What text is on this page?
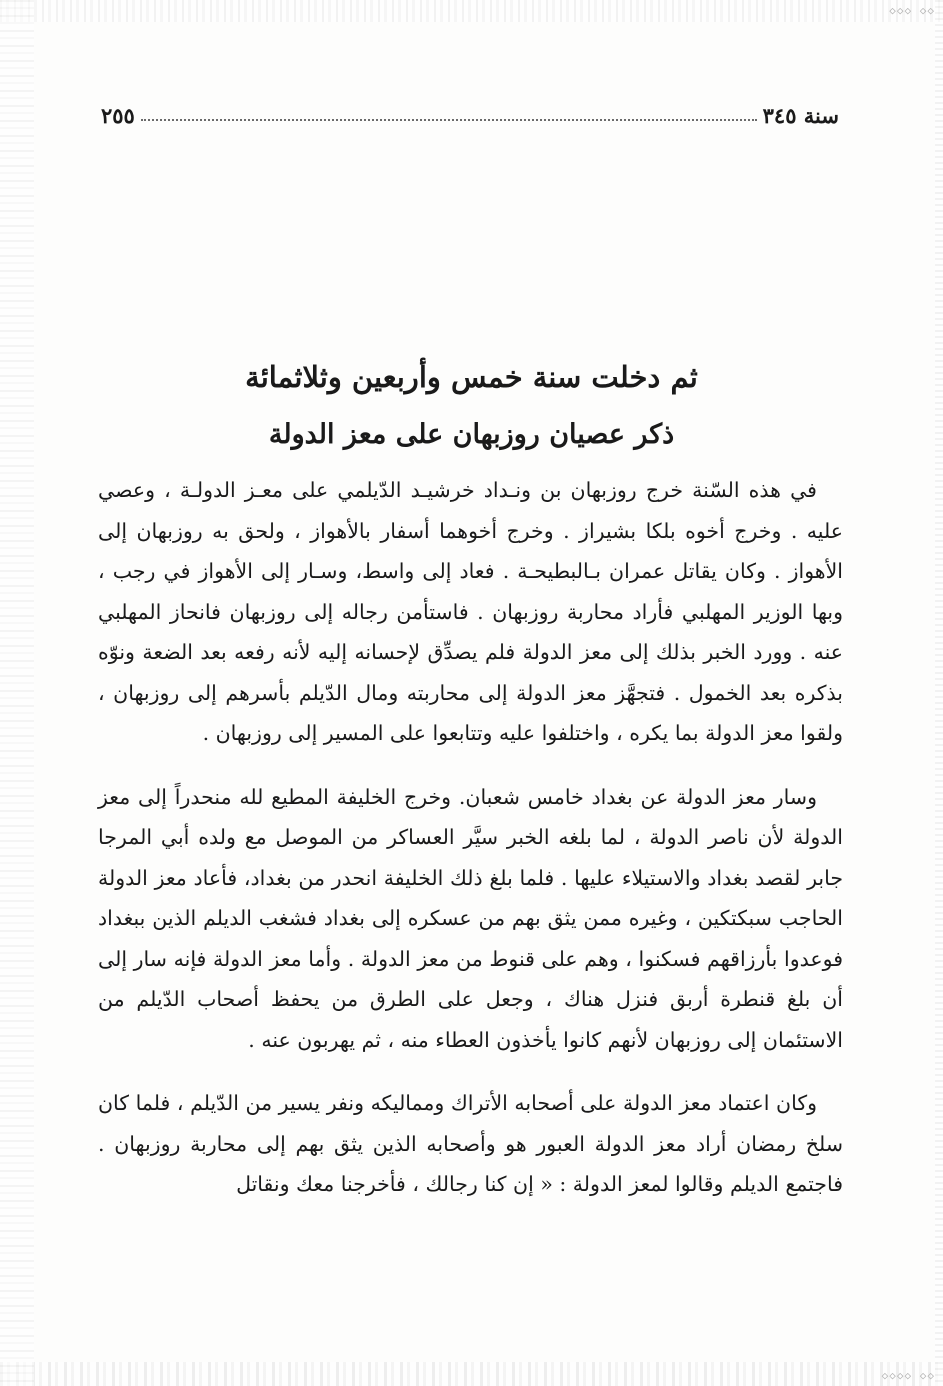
◇◇◇ ◇◇
◇◇◇◇ ◇◇
سنة ٣٤٥
٢٥٥
ثم دخلت سنة خمس وأربعين وثلاثمائة
ذكر عصيان روزبهان على معز الدولة

في هذه السّنة خرج روزبهان بن ونـداد خرشيـد الدّيلمي على معـز الدولـة ، وعصي عليه . وخرج أخوه بلكا بشيراز . وخرج أخوهما أسفار بالأهواز ، ولحق به روزبهان إلى الأهواز . وكان يقاتل عمران بـالبطيحـة . فعاد إلى واسط، وسـار إلى الأهواز في رجب ، وبها الوزير المهلبي فأراد محاربة روزبهان . فاستأمن رجاله إلى روزبهان فانحاز المهلبي عنه . وورد الخبر بذلك إلى معز الدولة فلم يصدِّق لإحسانه إليه لأنه رفعه بعد الضعة ونوّه بذكره بعد الخمول . فتجهَّز معز الدولة إلى محاربته ومال الدّيلم بأسرهم إلى روزبهان ، ولقوا معز الدولة بما يكره ، واختلفوا عليه وتتابعوا على المسير إلى روزبهان .

وسار معز الدولة عن بغداد خامس شعبان. وخرج الخليفة المطيع لله منحدراً إلى معز الدولة لأن ناصر الدولة ، لما بلغه الخبر سيَّر العساكر من الموصل مع ولده أبي المرجا جابر لقصد بغداد والاستيلاء عليها . فلما بلغ ذلك الخليفة انحدر من بغداد، فأعاد معز الدولة الحاجب سبكتكين ، وغيره ممن يثق بهم من عسكره إلى بغداد فشغب الديلم الذين ببغداد فوعدوا بأرزاقهم فسكنوا ، وهم على قنوط من معز الدولة . وأما معز الدولة فإنه سار إلى أن بلغ قنطرة أربق فنزل هناك ، وجعل على الطرق من يحفظ أصحاب الدّيلم من الاستئمان إلى روزبهان لأنهم كانوا يأخذون العطاء منه ، ثم يهربون عنه .

وكان اعتماد معز الدولة على أصحابه الأتراك ومماليكه ونفر يسير من الدّيلم ، فلما كان سلخ رمضان أراد معز الدولة العبور هو وأصحابه الذين يثق بهم إلى محاربة روزبهان . فاجتمع الديلم وقالوا لمعز الدولة : « إن كنا رجالك ، فأخرجنا معك ونقاتل
